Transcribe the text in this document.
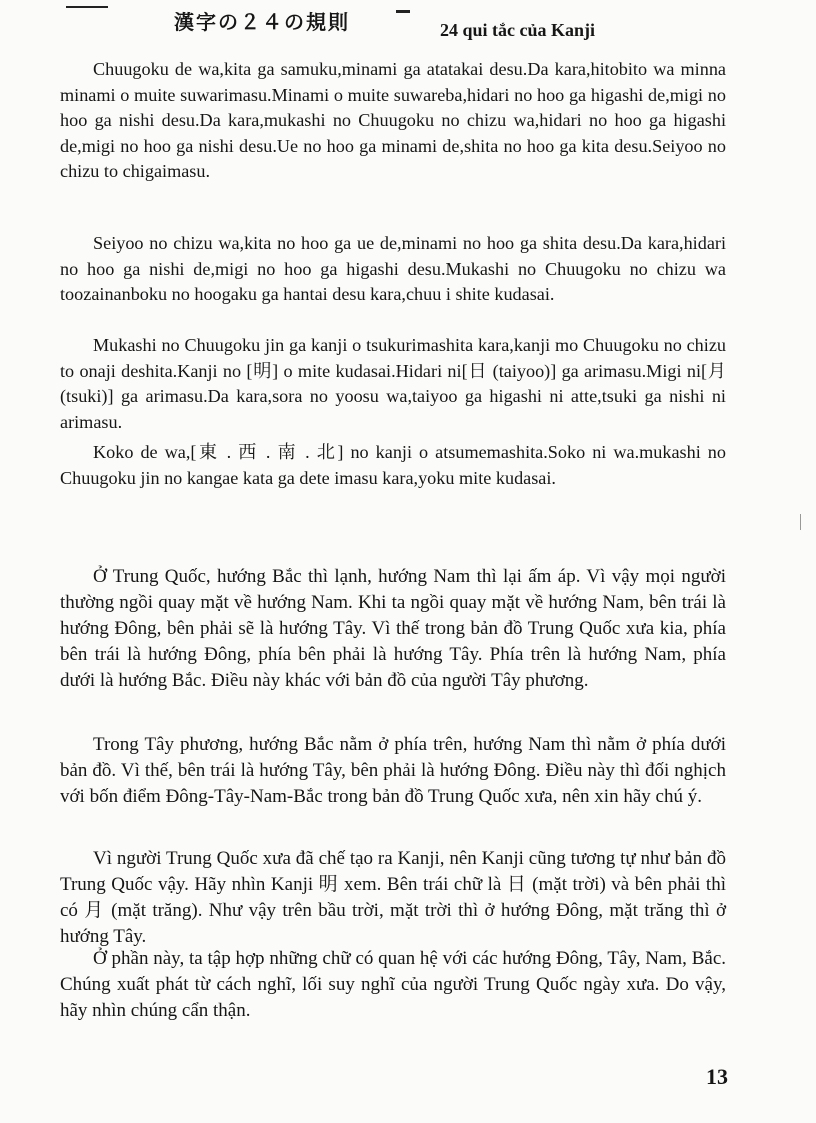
漢字の２４の規則	24 qui tắc của Kanji

Chuugoku de wa,kita ga samuku,minami ga atatakai desu.Da kara,hitobito wa minna minami o muite suwarimasu.Minami o muite suwareba,hidari no hoo ga higashi de,migi no hoo ga nishi desu.Da kara,mukashi no Chuugoku no chizu wa,hidari no hoo ga higashi de,migi no hoo ga nishi desu.Ue no hoo ga minami de,shita no hoo ga kita desu.Seiyoo no chizu to chigaimasu.

Seiyoo no chizu wa,kita no hoo ga ue de,minami no hoo ga shita desu.Da kara,hidari no hoo ga nishi de,migi no hoo ga higashi desu.Mukashi no Chuugoku no chizu wa toozainanboku no hoogaku ga hantai desu kara,chuu i shite kudasai.

Mukashi no Chuugoku jin ga kanji o tsukurimashita kara,kanji mo Chuugoku no chizu to onaji deshita.Kanji no [明] o mite kudasai.Hidari ni[日 (taiyoo)] ga arimasu.Migi ni[月 (tsuki)] ga arimasu.Da kara,sora no yoosu wa,taiyoo ga higashi ni atte,tsuki ga nishi ni arimasu.

Koko de wa,[東 . 西 . 南 . 北] no kanji o atsumemashita.Soko ni wa.mukashi no Chuugoku jin no kangae kata ga dete imasu kara,yoku mite kudasai.

Ở Trung Quốc, hướng Bắc thì lạnh, hướng Nam thì lại ấm áp. Vì vậy mọi người thường ngồi quay mặt về hướng Nam. Khi ta ngồi quay mặt về hướng Nam, bên trái là hướng Đông, bên phải sẽ là hướng Tây. Vì thế trong bản đồ Trung Quốc xưa kia, phía bên trái là hướng Đông, phía bên phải là hướng Tây. Phía trên là hướng Nam, phía dưới là hướng Bắc. Điều này khác với bản đồ của người Tây phương.

Trong Tây phương, hướng Bắc nằm ở phía trên, hướng Nam thì nằm ở phía dưới bản đồ. Vì thế, bên trái là hướng Tây, bên phải là hướng Đông. Điều này thì đối nghịch với bốn điểm Đông-Tây-Nam-Bắc trong bản đồ Trung Quốc xưa, nên xin hãy chú ý.

Vì người Trung Quốc xưa đã chế tạo ra Kanji, nên Kanji cũng tương tự như bản đồ Trung Quốc vậy. Hãy nhìn Kanji 明 xem. Bên trái chữ là 日 (mặt trời) và bên phải thì có 月 (mặt trăng). Như vậy trên bầu trời, mặt trời thì ở hướng Đông, mặt trăng thì ở hướng Tây.

Ở phần này, ta tập hợp những chữ có quan hệ với các hướng Đông, Tây, Nam, Bắc. Chúng xuất phát từ cách nghĩ, lối suy nghĩ của người Trung Quốc ngày xưa. Do vậy, hãy nhìn chúng cẩn thận.

13
